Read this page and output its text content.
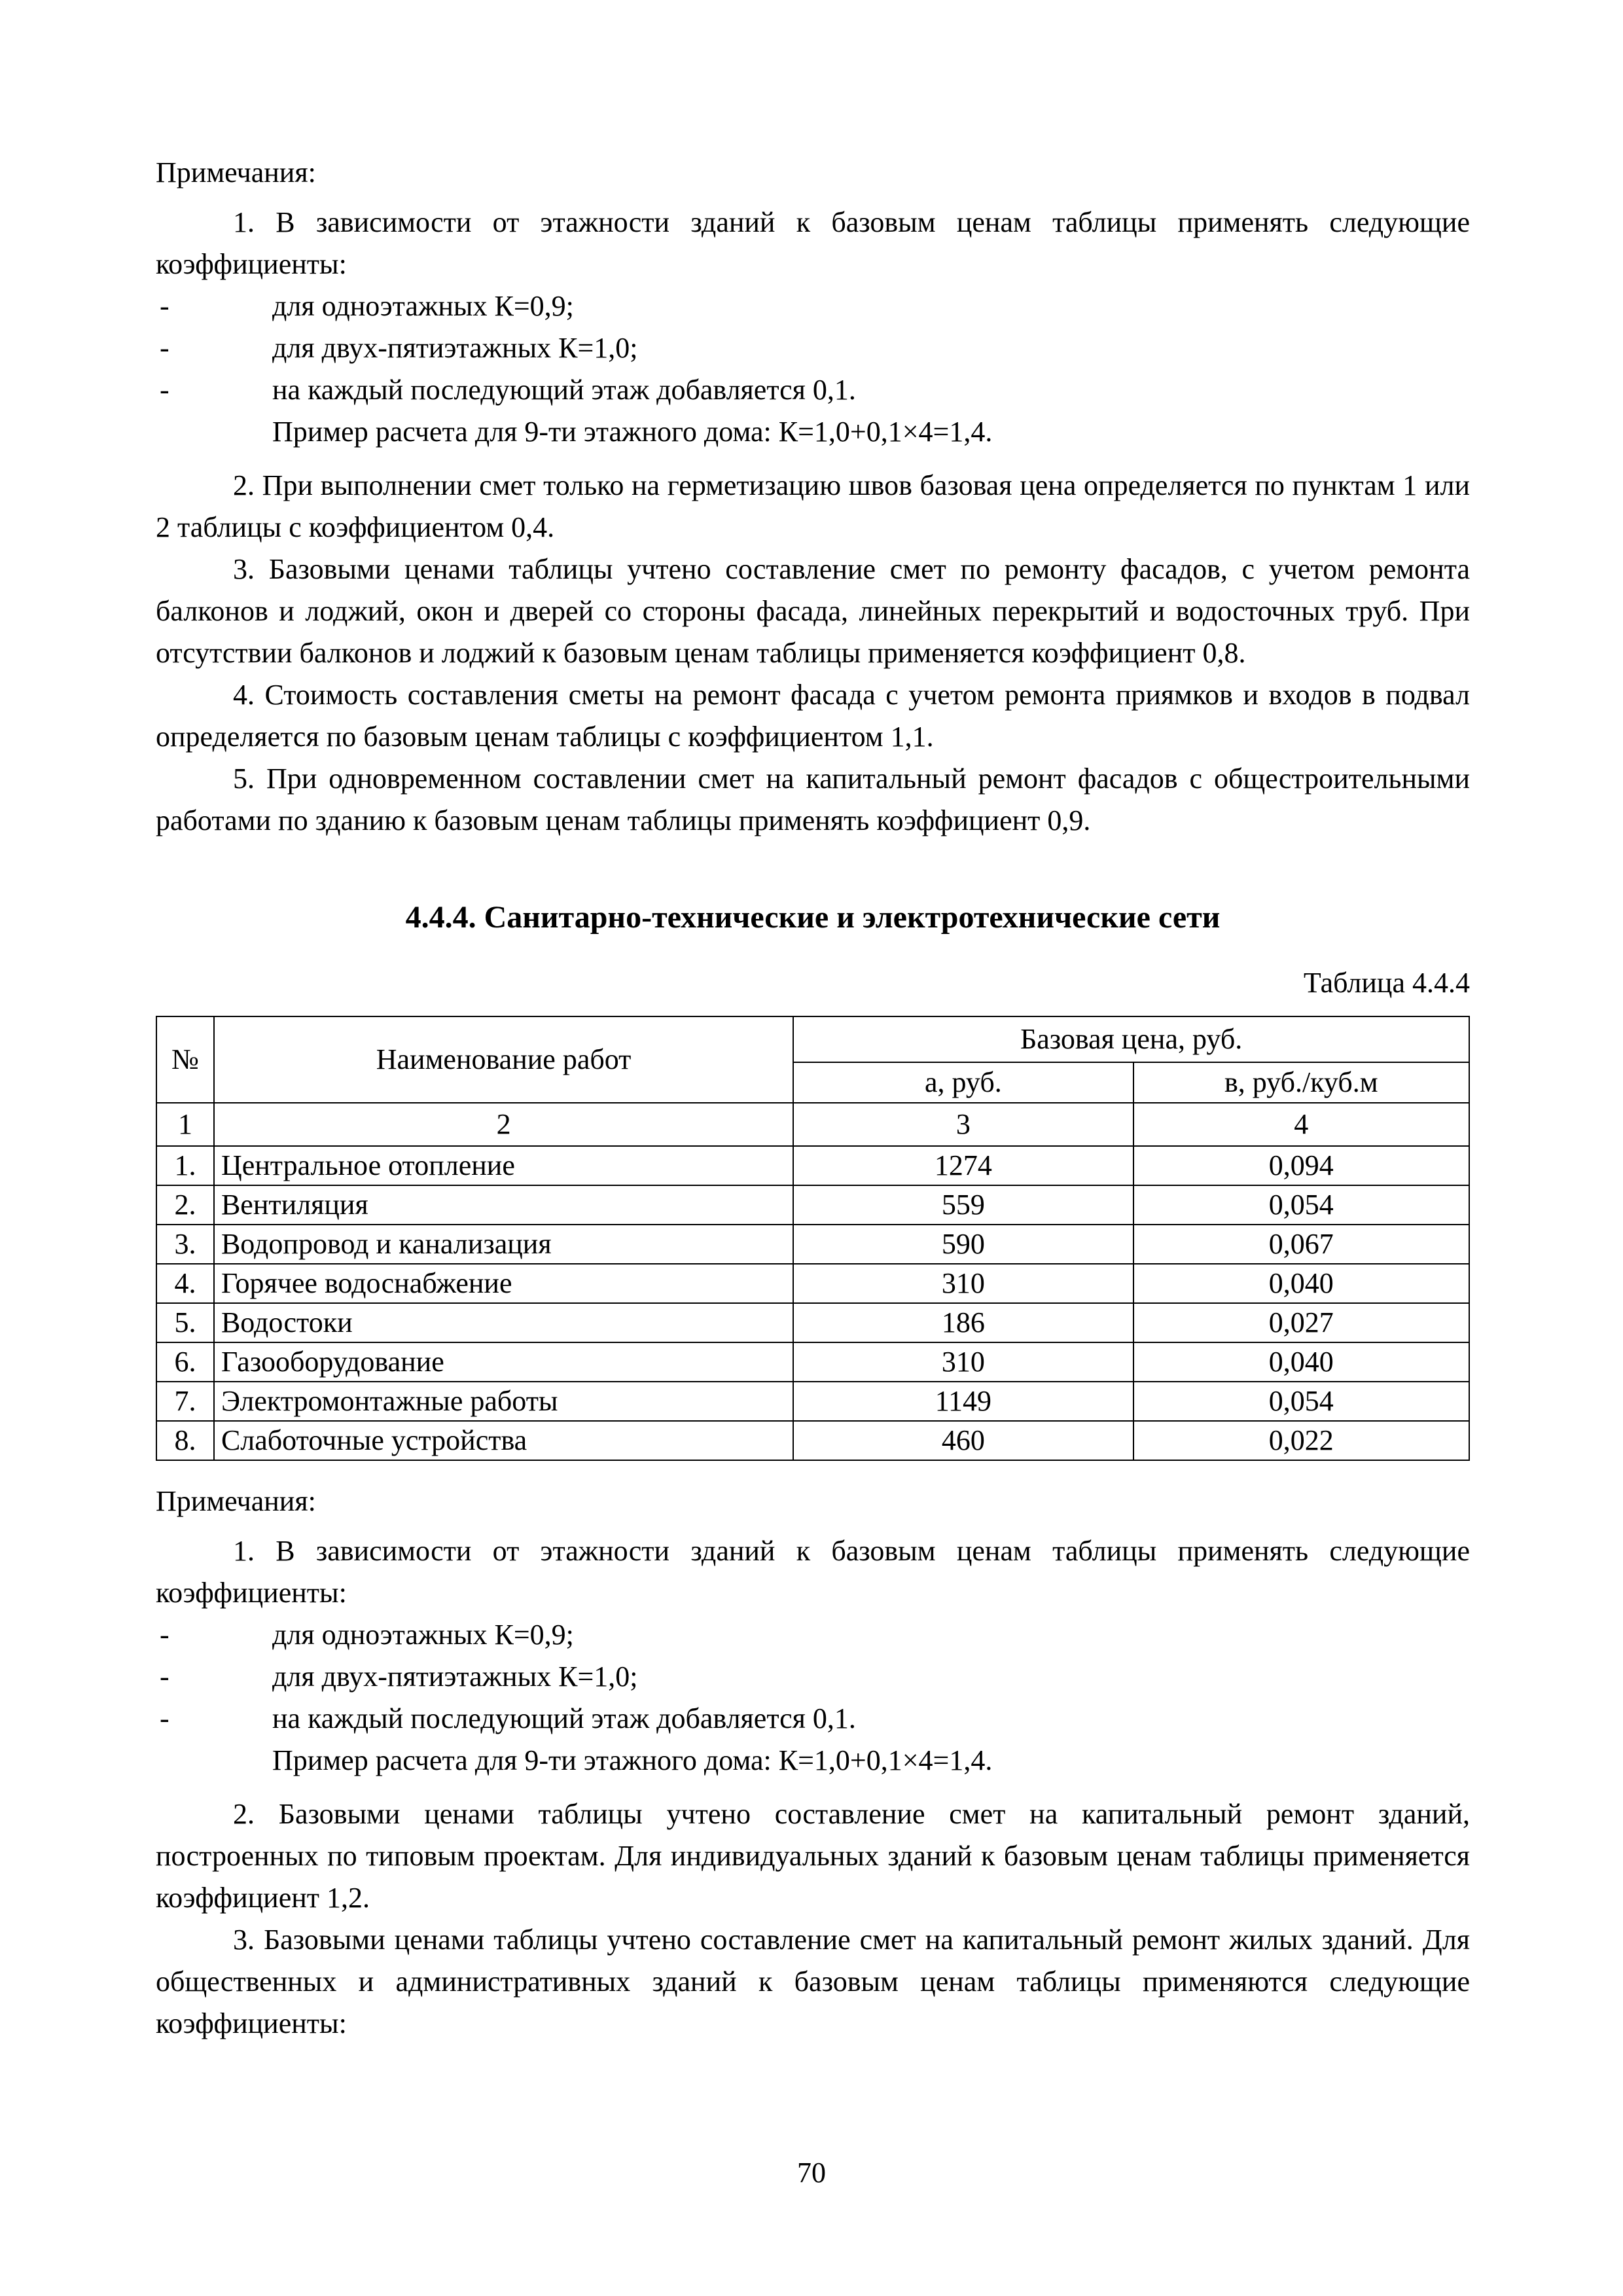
Примечания:

1. В зависимости от этажности зданий к базовым ценам таблицы применять следующие коэффициенты:

-	для одноэтажных К=0,9;

-	для двух-пятиэтажных К=1,0;

-	на каждый последующий этаж добавляется 0,1.

Пример расчета для 9-ти этажного дома: К=1,0+0,1×4=1,4.

2. При выполнении смет только на герметизацию швов базовая цена определяется по пунктам 1 или 2 таблицы с коэффициентом 0,4.

3. Базовыми ценами таблицы учтено составление смет по ремонту фасадов, с учетом ремонта балконов и лоджий, окон и дверей со стороны фасада, линейных перекрытий и водосточных труб. При отсутствии балконов и лоджий к базовым ценам таблицы применяется коэффициент 0,8.

4. Стоимость составления сметы на ремонт фасада с учетом ремонта приямков и входов в подвал определяется по базовым ценам таблицы с коэффициентом 1,1.

5. При одновременном составлении смет на капитальный ремонт фасадов с общестроительными работами по зданию к базовым ценам таблицы применять коэффициент 0,9.

4.4.4. Санитарно-технические и электротехнические сети

Таблица 4.4.4

№	Наименование работ	Базовая цена, руб.	
		а, руб.	в, руб./куб.м
1	2	3	4
1.	Центральное отопление	1274	0,094
2.	Вентиляция	559	0,054
3.	Водопровод и канализация	590	0,067
4.	Горячее водоснабжение	310	0,040
5.	Водостоки	186	0,027
6.	Газооборудование	310	0,040
7.	Электромонтажные работы	1149	0,054
8.	Слаботочные устройства	460	0,022

Примечания:

1. В зависимости от этажности зданий к базовым ценам таблицы применять следующие коэффициенты:

-	для одноэтажных К=0,9;

-	для двух-пятиэтажных К=1,0;

-	на каждый последующий этаж добавляется 0,1.

Пример расчета для 9-ти этажного дома: К=1,0+0,1×4=1,4.

2. Базовыми ценами таблицы учтено составление смет на капитальный ремонт зданий, построенных по типовым проектам. Для индивидуальных зданий к базовым ценам таблицы применяется коэффициент 1,2.

3. Базовыми ценами таблицы учтено составление смет на капитальный ремонт жилых зданий. Для общественных и административных зданий к базовым ценам таблицы применяются следующие коэффициенты:

70
